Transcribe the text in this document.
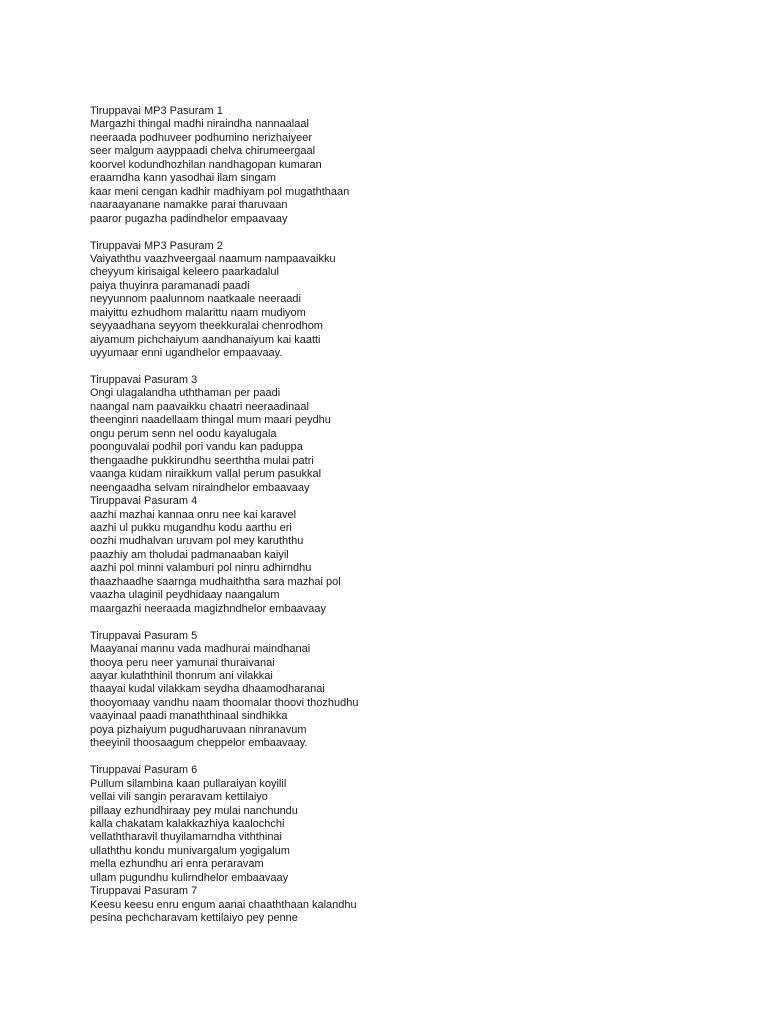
Tiruppavai MP3 Pasuram 1
Margazhi thingal madhi niraindha nannaalaal
neeraada podhuveer podhumino nerizhaiyeer
seer malgum aayppaadi chelva chirumeergaal
koorvel kodundhozhilan nandhagopan kumaran
eraarndha kann yasodhai ilam singam
kaar meni cengan kadhir madhiyam pol mugaththaan
naaraayanane namakke parai tharuvaan
paaror pugazha padindhelor empaavaay
Tiruppavai MP3 Pasuram 2
Vaiyaththu vaazhveergaal naamum nampaavaikku
cheyyum kirisaigal keleero paarkadalul
paiya thuyinra paramanadi paadi
neyyunnom paalunnom naatkaale neeraadi
maiyittu ezhudhom malarittu naam mudiyom
seyyaadhana seyyom theekkuralai chenrodhom
aiyamum pichchaiyum aandhanaiyum kai kaatti
uyyumaar enni ugandhelor empaavaay.
Tiruppavai Pasuram 3
Ongi ulagalandha uththaman per paadi
naangal nam paavaikku chaatri neeraadinaal
theenginri naadellaam thingal mum maari peydhu
ongu perum senn nel oodu kayalugala
poonguvalai podhil pori vandu kan paduppa
thengaadhe pukkirundhu seerththa mulai patri
vaanga kudam niraikkum vallal perum pasukkal
neengaadha selvam niraindhelor embaavaay
Tiruppavai Pasuram 4
aazhi mazhai kannaa onru nee kai karavel
aazhi ul pukku mugandhu kodu aarthu eri
oozhi mudhalvan uruvam pol mey karuththu
paazhiy am tholudai padmanaaban kaiyil
aazhi pol minni valamburi pol ninru adhirndhu
thaazhaadhe saarnga mudhaiththa sara mazhai pol
vaazha ulaginil peydhidaay naangalum
maargazhi neeraada magizhndhelor embaavaay
Tiruppavai Pasuram 5
Maayanai mannu vada madhurai maindhanai
thooya peru neer yamunai thuraivanai
aayar kulaththinil thonrum ani vilakkai
thaayai kudal vilakkam seydha dhaamodharanai
thooyomaay vandhu naam thoomalar thoovi thozhudhu
vaayinaal paadi manaththinaal sindhikka
poya pizhaiyum pugudharuvaan ninranavum
theeyinil thoosaagum cheppelor embaavaay.
Tiruppavai Pasuram 6
Pullum silambina kaan pullaraiyan koyilil
vellai vili sangin peraravam kettilaiyo
pillaay ezhundhiraay pey mulai nanchundu
kalla chakatam kalakkazhiya kaalochchi
vellaththaravil thuyilamarndha viththinai
ullaththu kondu munivargalum yogigalum
mella ezhundhu ari enra peraravam
ullam pugundhu kulirndhelor embaavaay
Tiruppavai Pasuram 7
Keesu keesu enru engum aanai chaaththaan kalandhu
pesina pechcharavam kettilaiyo pey penne
